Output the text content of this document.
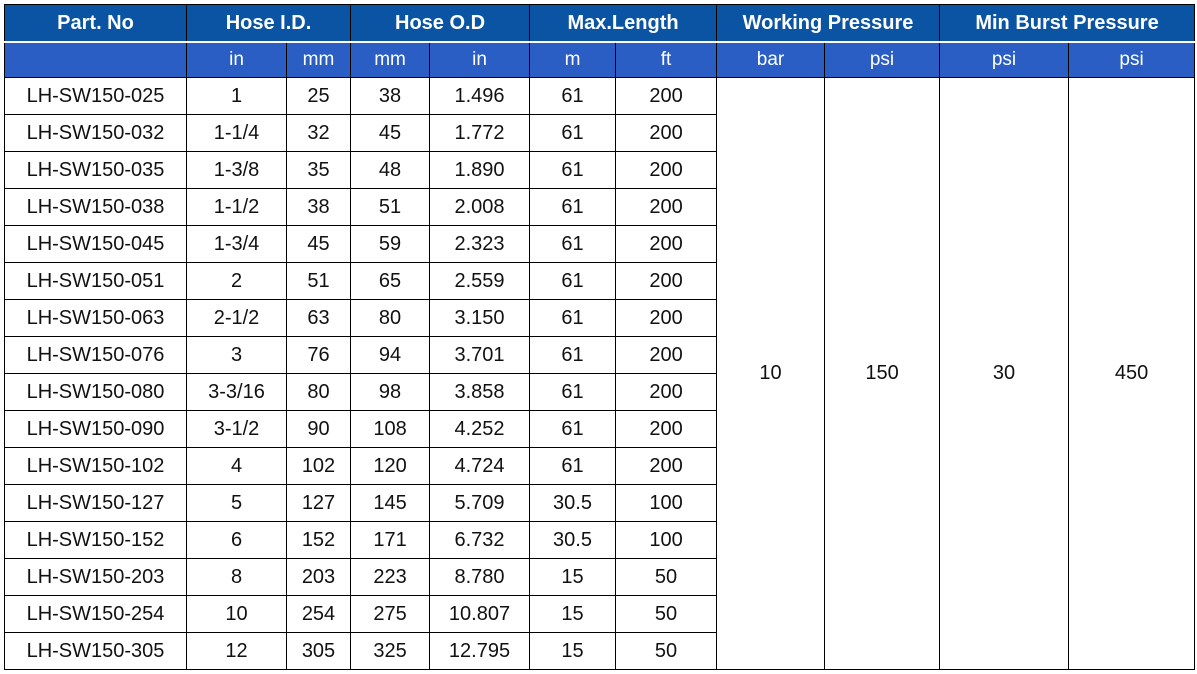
Part. No	Hose I.D.		Hose O.D		Max.Length		Working Pressure		Min Burst Pressure	
	in	mm	mm	in	m	ft	bar	psi	psi	psi
LH-SW150-025	1	25	38	1.496	61	200	10	150	30	450
LH-SW150-032	1-1/4	32	45	1.772	61	200				
LH-SW150-035	1-3/8	35	48	1.890	61	200				
LH-SW150-038	1-1/2	38	51	2.008	61	200				
LH-SW150-045	1-3/4	45	59	2.323	61	200				
LH-SW150-051	2	51	65	2.559	61	200				
LH-SW150-063	2-1/2	63	80	3.150	61	200				
LH-SW150-076	3	76	94	3.701	61	200				
LH-SW150-080	3-3/16	80	98	3.858	61	200				
LH-SW150-090	3-1/2	90	108	4.252	61	200				
LH-SW150-102	4	102	120	4.724	61	200				
LH-SW150-127	5	127	145	5.709	30.5	100				
LH-SW150-152	6	152	171	6.732	30.5	100				
LH-SW150-203	8	203	223	8.780	15	50				
LH-SW150-254	10	254	275	10.807	15	50				
LH-SW150-305	12	305	325	12.795	15	50				
